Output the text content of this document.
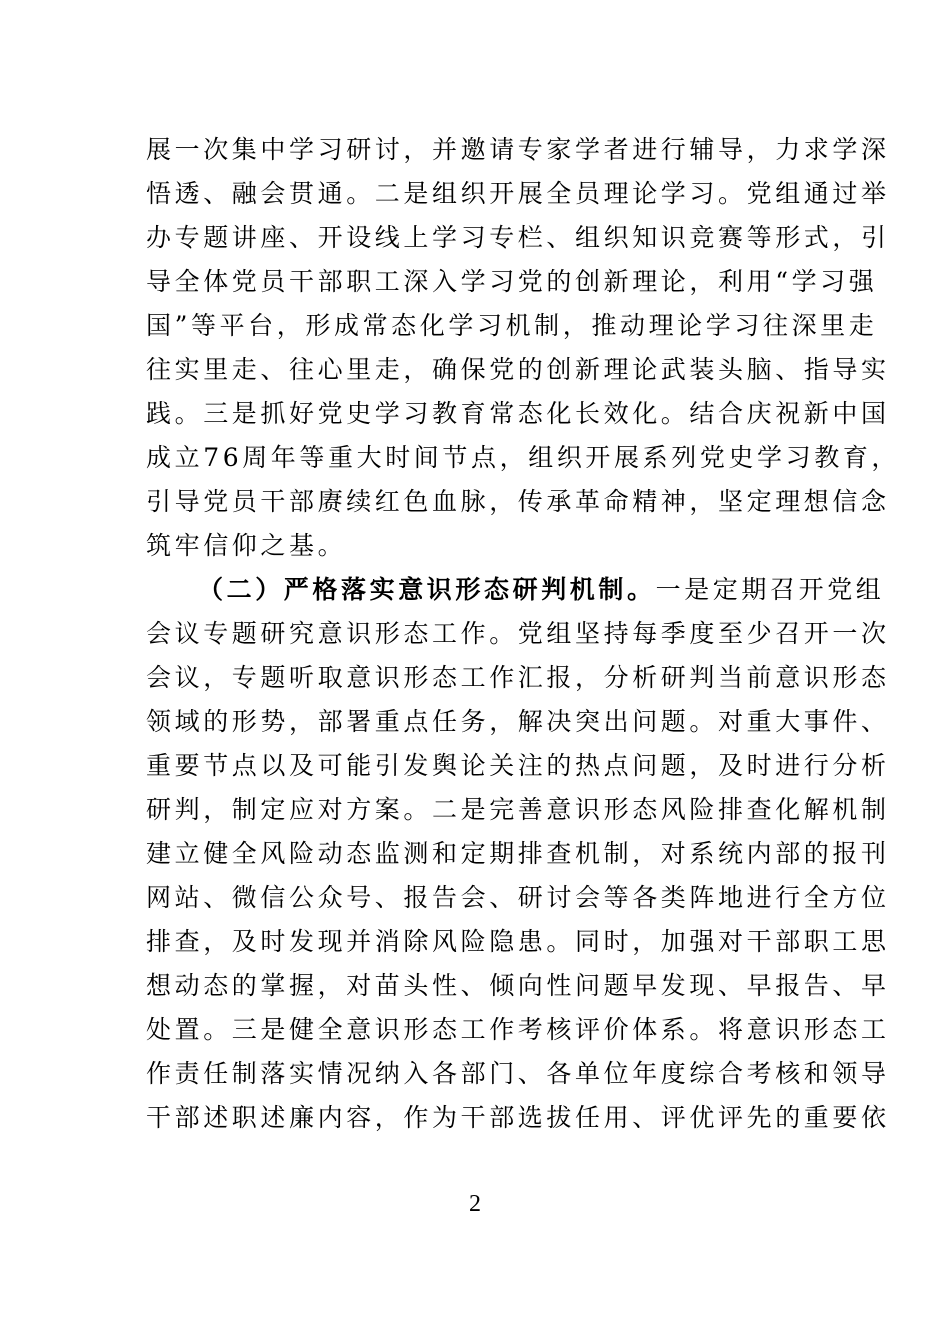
展一次集中学习研讨，并邀请专家学者进行辅导，力求学深
悟透、融会贯通。二是组织开展全员理论学习。党组通过举
办专题讲座、开设线上学习专栏、组织知识竞赛等形式，引
导全体党员干部职工深入学习党的创新理论，利用“学习强
国”等平台，形成常态化学习机制，推动理论学习往深里走
往实里走、往心里走，确保党的创新理论武装头脑、指导实
践。三是抓好党史学习教育常态化长效化。结合庆祝新中国
成立76周年等重大时间节点，组织开展系列党史学习教育，
引导党员干部赓续红色血脉，传承革命精神，坚定理想信念
筑牢信仰之基。
（二）严格落实意识形态研判机制。一是定期召开党组
会议专题研究意识形态工作。党组坚持每季度至少召开一次
会议，专题听取意识形态工作汇报，分析研判当前意识形态
领域的形势，部署重点任务，解决突出问题。对重大事件、
重要节点以及可能引发舆论关注的热点问题，及时进行分析
研判，制定应对方案。二是完善意识形态风险排查化解机制
建立健全风险动态监测和定期排查机制，对系统内部的报刊
网站、微信公众号、报告会、研讨会等各类阵地进行全方位
排查，及时发现并消除风险隐患。同时，加强对干部职工思
想动态的掌握，对苗头性、倾向性问题早发现、早报告、早
处置。三是健全意识形态工作考核评价体系。将意识形态工
作责任制落实情况纳入各部门、各单位年度综合考核和领导
干部述职述廉内容，作为干部选拔任用、评优评先的重要依
2
